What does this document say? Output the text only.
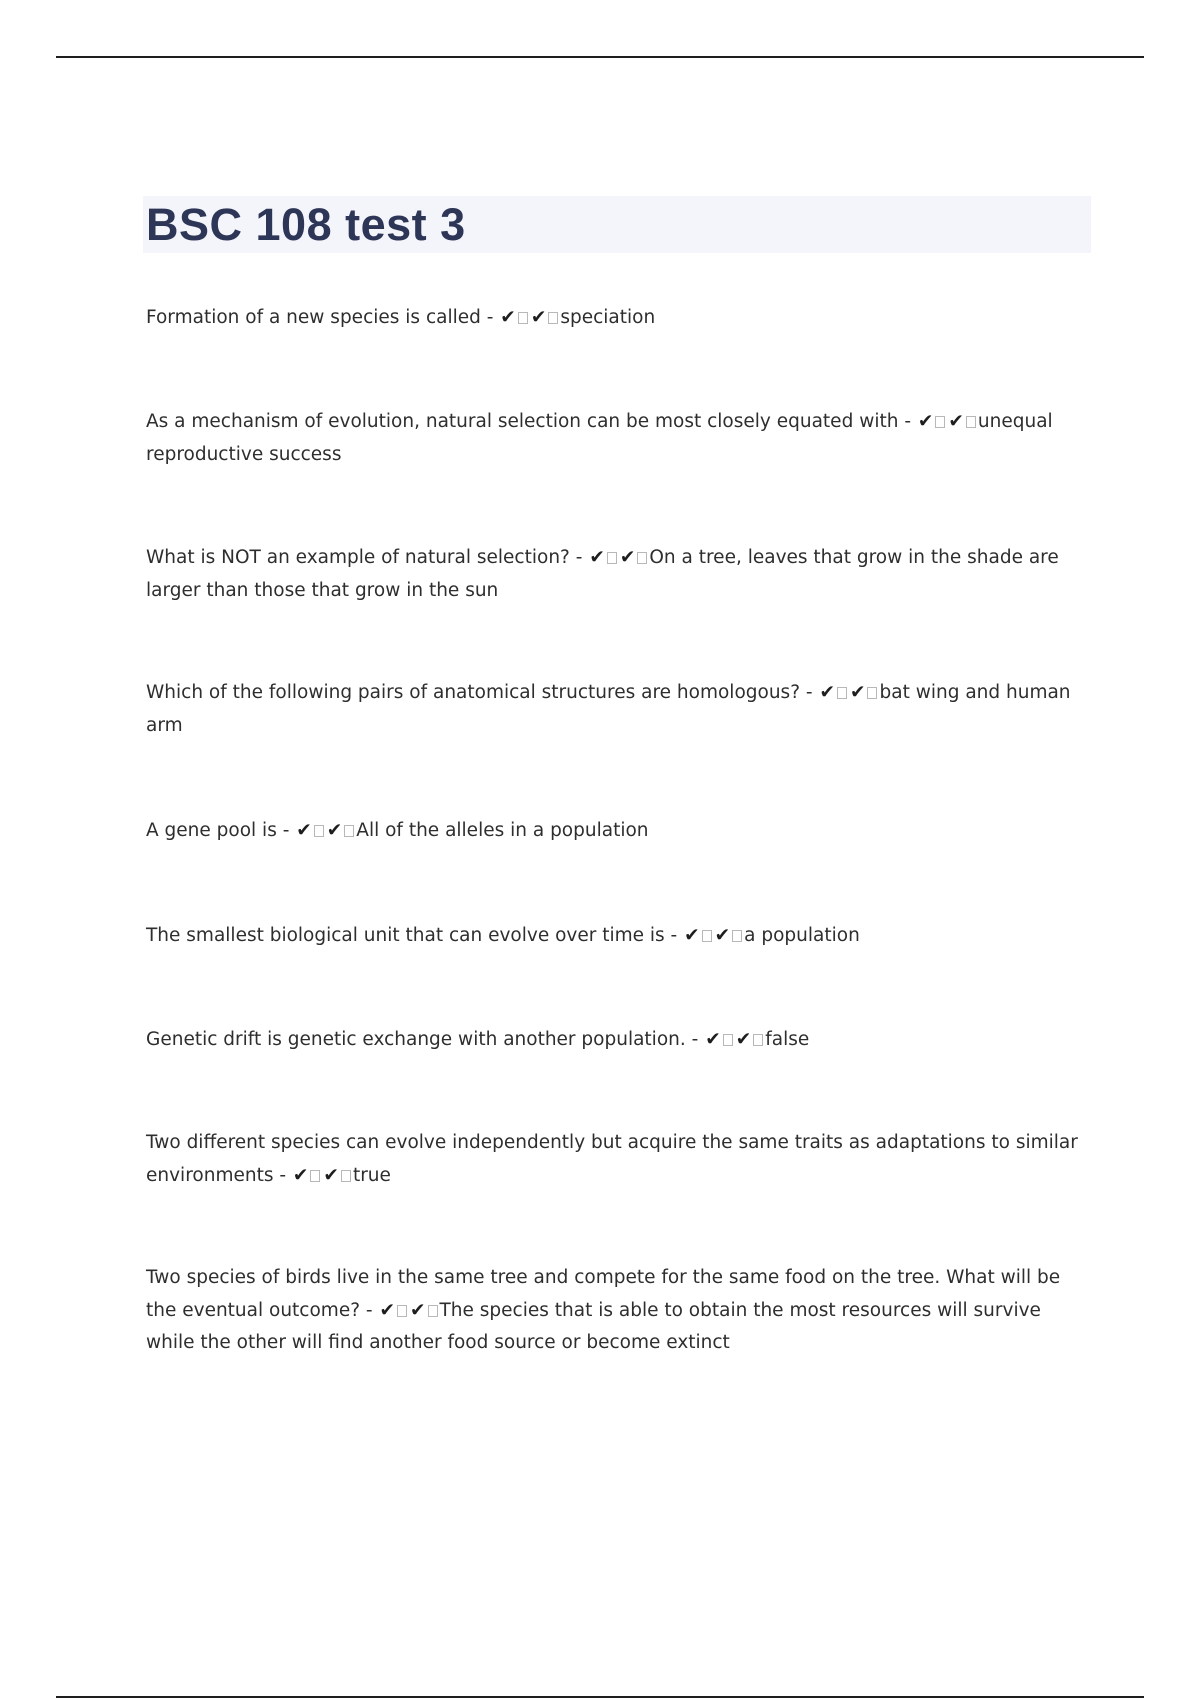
BSC 108 test 3
Formation of a new species is called - ✔ ✔ speciation
As a mechanism of evolution, natural selection can be most closely equated with - ✔ ✔ unequal reproductive success
What is NOT an example of natural selection? - ✔ ✔ On a tree, leaves that grow in the shade are larger than those that grow in the sun
Which of the following pairs of anatomical structures are homologous? - ✔ ✔ bat wing and human arm
A gene pool is - ✔ ✔ All of the alleles in a population
The smallest biological unit that can evolve over time is - ✔ ✔ a population
Genetic drift is genetic exchange with another population. - ✔ ✔ false
Two different species can evolve independently but acquire the same traits as adaptations to similar environments - ✔ ✔ true
Two species of birds live in the same tree and compete for the same food on the tree. What will be the eventual outcome? - ✔ ✔ The species that is able to obtain the most resources will survive while the other will find another food source or become extinct
